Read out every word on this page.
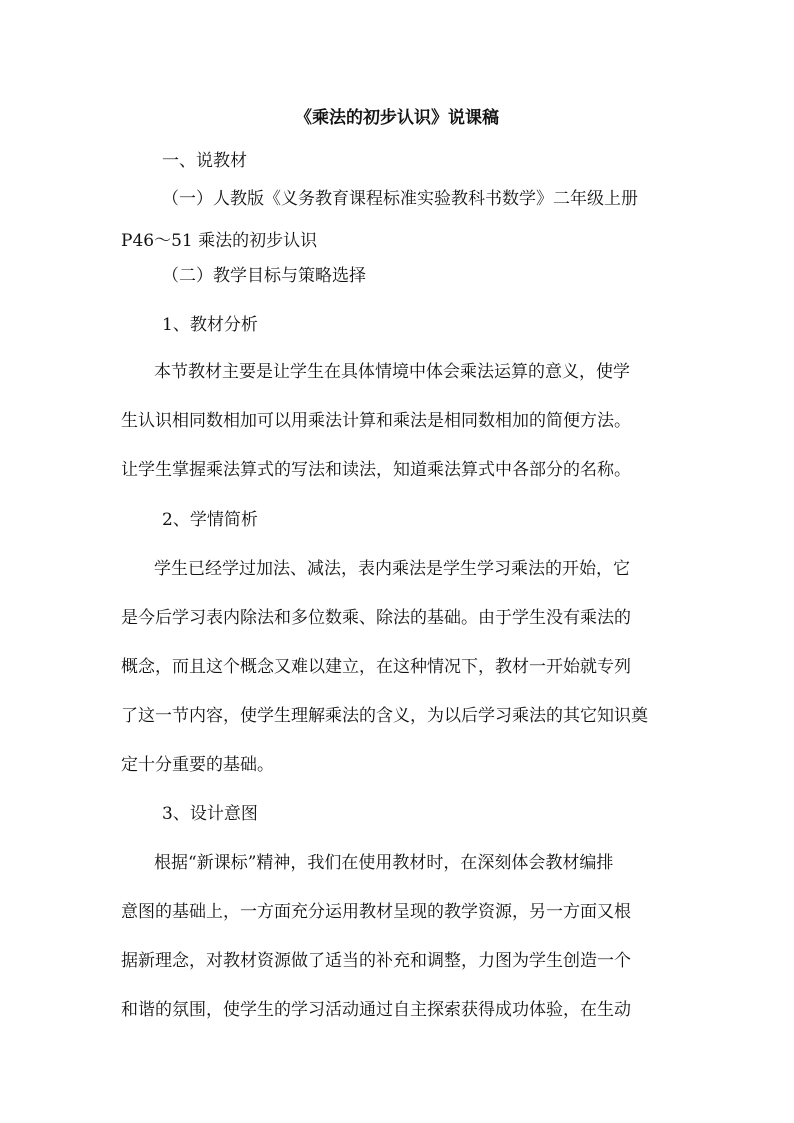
《乘法的初步认识》说课稿
一、说教材
（一）人教版《义务教育课程标准实验教科书数学》二年级上册
P46～51 乘法的初步认识
（二）教学目标与策略选择
1、教材分析
本节教材主要是让学生在具体情境中体会乘法运算的意义，使学
生认识相同数相加可以用乘法计算和乘法是相同数相加的简便方法。
让学生掌握乘法算式的写法和读法，知道乘法算式中各部分的名称。
2、学情简析
学生已经学过加法、减法，表内乘法是学生学习乘法的开始，它
是今后学习表内除法和多位数乘、除法的基础。由于学生没有乘法的
概念，而且这个概念又难以建立，在这种情况下，教材一开始就专列
了这一节内容，使学生理解乘法的含义，为以后学习乘法的其它知识奠
定十分重要的基础。
3、设计意图
根据“新课标”精神，我们在使用教材时，在深刻体会教材编排
意图的基础上，一方面充分运用教材呈现的教学资源，另一方面又根
据新理念，对教材资源做了适当的补充和调整，力图为学生创造一个
和谐的氛围，使学生的学习活动通过自主探索获得成功体验，在生动
